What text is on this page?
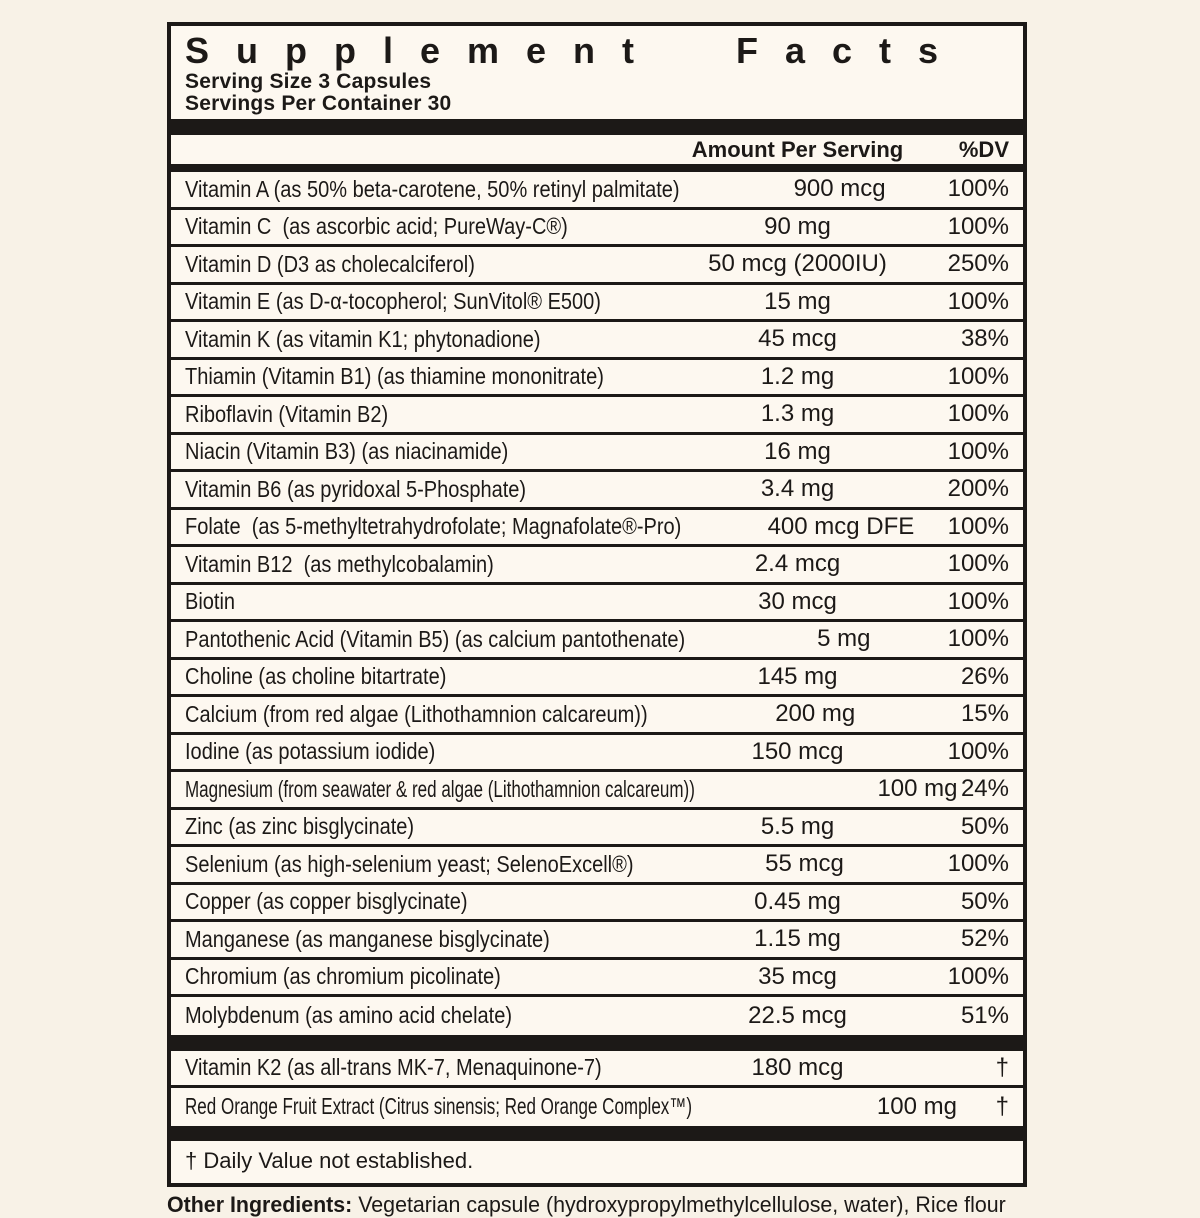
Supplement Facts
Serving Size 3 Capsules
Servings Per Container 30
Amount Per Serving	%DV
Vitamin A (as 50% beta-carotene, 50% retinyl palmitate)	900 mcg	100%
Vitamin C  (as ascorbic acid; PureWay-C®)	90 mg	100%
Vitamin D (D3 as cholecalciferol)	50 mcg (2000IU)	250%
Vitamin E (as D-α-tocopherol; SunVitol® E500)	15 mg	100%
Vitamin K (as vitamin K1; phytonadione)	45 mcg	38%
Thiamin (Vitamin B1) (as thiamine mononitrate)	1.2 mg	100%
Riboflavin (Vitamin B2)	1.3 mg	100%
Niacin (Vitamin B3) (as niacinamide)	16 mg	100%
Vitamin B6 (as pyridoxal 5-Phosphate)	3.4 mg	200%
Folate  (as 5-methyltetrahydrofolate; Magnafolate®-Pro)	400 mcg DFE	100%
Vitamin B12  (as methylcobalamin)	2.4 mcg	100%
Biotin	30 mcg	100%
Pantothenic Acid (Vitamin B5) (as calcium pantothenate)	5 mg	100%
Choline (as choline bitartrate)	145 mg	26%
Calcium (from red algae (Lithothamnion calcareum))	200 mg	15%
Iodine (as potassium iodide)	150 mcg	100%
Magnesium (from seawater & red algae (Lithothamnion calcareum))	100 mg 24%
Zinc (as zinc bisglycinate)	5.5 mg	50%
Selenium (as high-selenium yeast; SelenoExcell®)	55 mcg	100%
Copper (as copper bisglycinate)	0.45 mg	50%
Manganese (as manganese bisglycinate)	1.15 mg	52%
Chromium (as chromium picolinate)	35 mcg	100%
Molybdenum (as amino acid chelate)	22.5 mcg	51%
Vitamin K2 (as all-trans MK-7, Menaquinone-7)	180 mcg	†
Red Orange Fruit Extract (Citrus sinensis; Red Orange Complex™)	100 mg	†
† Daily Value not established.
Other Ingredients: Vegetarian capsule (hydroxypropylmethylcellulose, water), Rice flour
